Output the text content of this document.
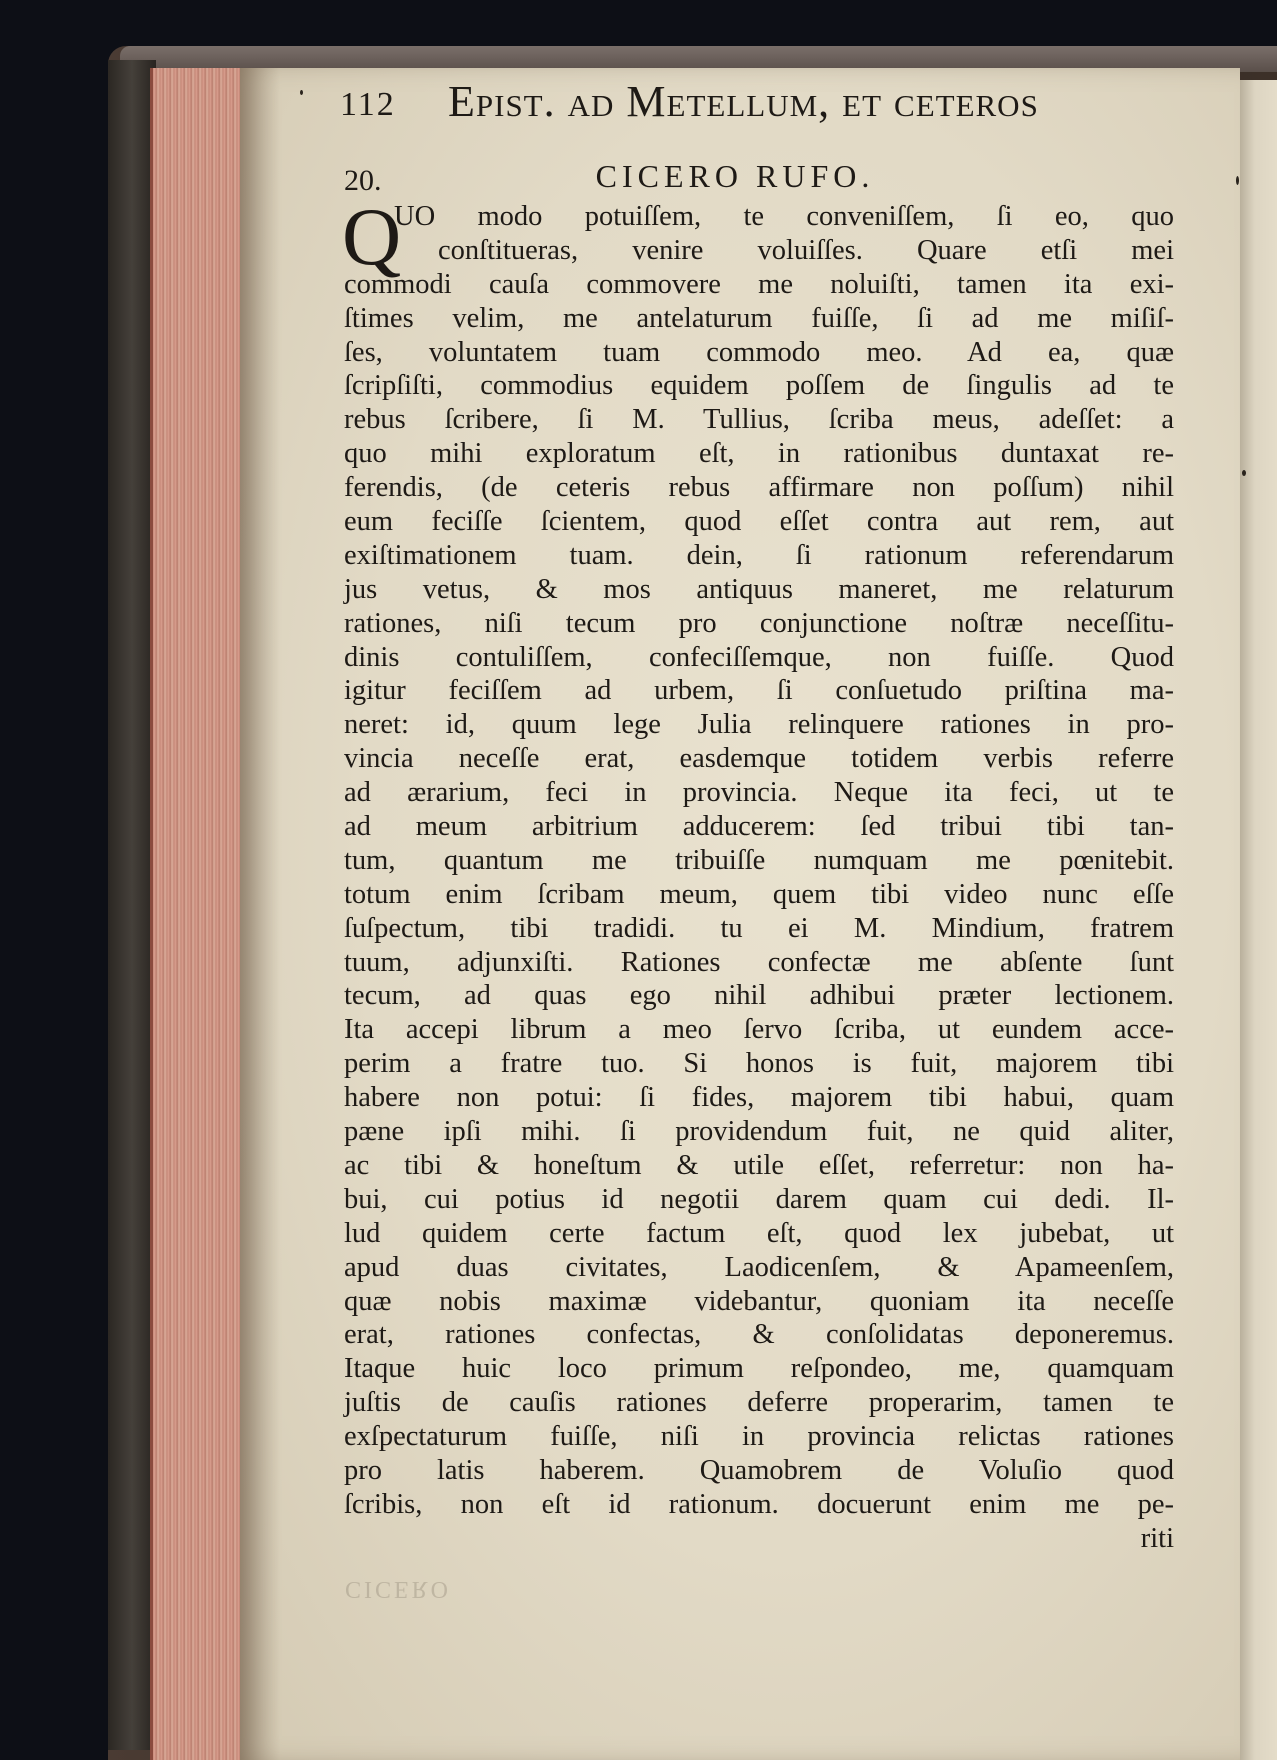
112 Epist. ad Metellum, et ceteros
20.	CICERO RUFO.
Q
UO modo potuiſſem, te conveniſſem, ſi eo, quo
conſtitueras, venire voluiſſes. Quare etſi mei
commodi cauſa commovere me noluiſti, tamen ita exi-
ſtimes velim, me antelaturum fuiſſe, ſi ad me miſiſ-
ſes, voluntatem tuam commodo meo. Ad ea, quæ
ſcripſiſti, commodius equidem poſſem de ſingulis ad te
rebus ſcribere, ſi M. Tullius, ſcriba meus, adeſſet: a
quo mihi exploratum eſt, in rationibus duntaxat re-
ferendis, (de ceteris rebus affirmare non poſſum) nihil
eum feciſſe ſcientem, quod eſſet contra aut rem, aut
exiſtimationem tuam. dein, ſi rationum referendarum
jus vetus, & mos antiquus maneret, me relaturum
rationes, niſi tecum pro conjunctione noſtræ neceſſitu-
dinis contuliſſem, confeciſſemque, non fuiſſe. Quod
igitur feciſſem ad urbem, ſi conſuetudo priſtina ma-
neret: id, quum lege Julia relinquere rationes in pro-
vincia neceſſe erat, easdemque totidem verbis referre
ad ærarium, feci in provincia. Neque ita feci, ut te
ad meum arbitrium adducerem: ſed tribui tibi tan-
tum, quantum me tribuiſſe numquam me pœnitebit.
totum enim ſcribam meum, quem tibi video nunc eſſe
ſuſpectum, tibi tradidi. tu ei M. Mindium, fratrem
tuum, adjunxiſti. Rationes confectæ me abſente ſunt
tecum, ad quas ego nihil adhibui præter lectionem.
Ita accepi librum a meo ſervo ſcriba, ut eundem acce-
perim a fratre tuo. Si honos is fuit, majorem tibi
habere non potui: ſi fides, majorem tibi habui, quam
pæne ipſi mihi. ſi providendum fuit, ne quid aliter,
ac tibi & honeſtum & utile eſſet, referretur: non ha-
bui, cui potius id negotii darem quam cui dedi. Il-
lud quidem certe factum eſt, quod lex jubebat, ut
apud duas civitates, Laodicenſem, & Apameenſem,
quæ nobis maximæ videbantur, quoniam ita neceſſe
erat, rationes confectas, & conſolidatas deponeremus.
Itaque huic loco primum reſpondeo, me, quamquam
juſtis de cauſis rationes deferre properarim, tamen te
exſpectaturum fuiſſe, niſi in provincia relictas rationes
pro latis haberem. Quamobrem de Voluſio quod
ſcribis, non eſt id rationum. docuerunt enim me pe-
riti
CICERO
